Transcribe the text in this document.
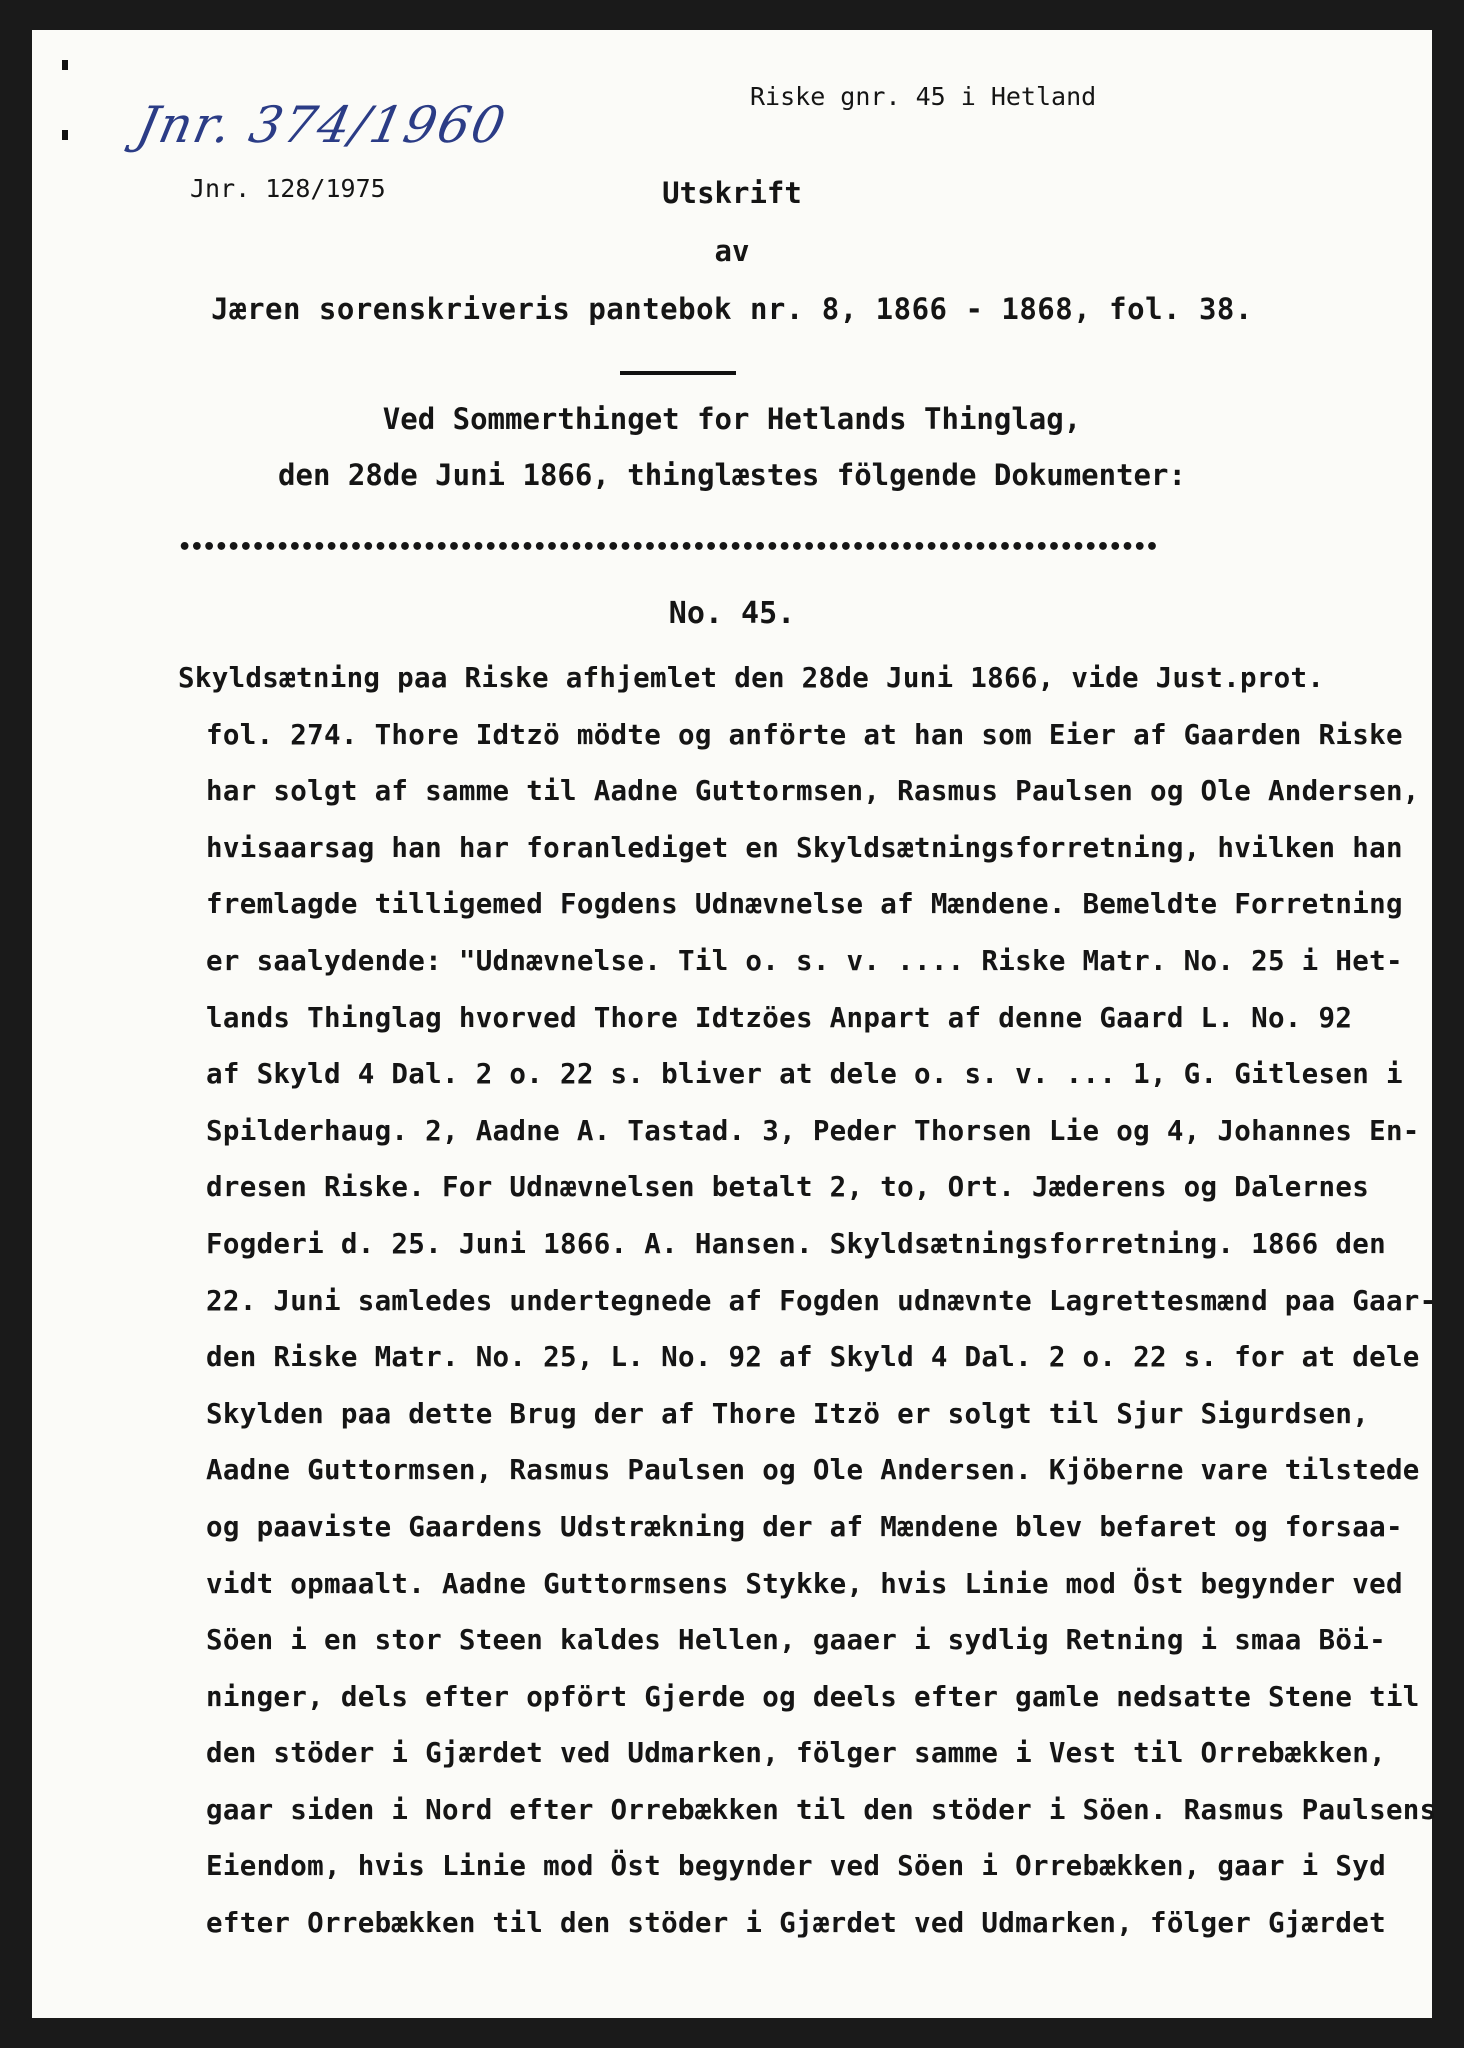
Jnr. 374/1960	Riske gnr. 45 i Hetland
Jnr. 128/1975	Utskrift
av
Jæren sorenskriveris pantebok nr. 8, 1866 - 1868, fol. 38.
Ved Sommerthinget for Hetlands Thinglag,
den 28de Juni 1866, thinglæstes fölgende Dokumenter:
••••••••••••••••••••••••••••••••••••••••••••••••••••••••••••••••••••••••••••••••
No. 45.
Skyldsætning paa Riske afhjemlet den 28de Juni 1866, vide Just.prot.
fol. 274. Thore Idtzö mödte og anförte at han som Eier af Gaarden Riske
har solgt af samme til Aadne Guttormsen, Rasmus Paulsen og Ole Andersen,
hvisaarsag han har foranlediget en Skyldsætningsforretning, hvilken han
fremlagde tilligemed Fogdens Udnævnelse af Mændene. Bemeldte Forretning
er saalydende: "Udnævnelse. Til o. s. v. .... Riske Matr. No. 25 i Het-
lands Thinglag hvorved Thore Idtzöes Anpart af denne Gaard L. No. 92
af Skyld 4 Dal. 2 o. 22 s. bliver at dele o. s. v. ... 1, G. Gitlesen i
Spilderhaug. 2, Aadne A. Tastad. 3, Peder Thorsen Lie og 4, Johannes En-
dresen Riske. For Udnævnelsen betalt 2, to, Ort. Jæderens og Dalernes
Fogderi d. 25. Juni 1866. A. Hansen. Skyldsætningsforretning. 1866 den
22. Juni samledes undertegnede af Fogden udnævnte Lagrettesmænd paa Gaar-
den Riske Matr. No. 25, L. No. 92 af Skyld 4 Dal. 2 o. 22 s. for at dele
Skylden paa dette Brug der af Thore Itzö er solgt til Sjur Sigurdsen,
Aadne Guttormsen, Rasmus Paulsen og Ole Andersen. Kjöberne vare tilstede
og paaviste Gaardens Udstrækning der af Mændene blev befaret og forsaa-
vidt opmaalt. Aadne Guttormsens Stykke, hvis Linie mod Öst begynder ved
Söen i en stor Steen kaldes Hellen, gaaer i sydlig Retning i smaa Böi-
ninger, dels efter opfört Gjerde og deels efter gamle nedsatte Stene til
den stöder i Gjærdet ved Udmarken, fölger samme i Vest til Orrebækken,
gaar siden i Nord efter Orrebækken til den stöder i Söen. Rasmus Paulsens
Eiendom, hvis Linie mod Öst begynder ved Söen i Orrebækken, gaar i Syd
efter Orrebækken til den stöder i Gjærdet ved Udmarken, fölger Gjærdet
